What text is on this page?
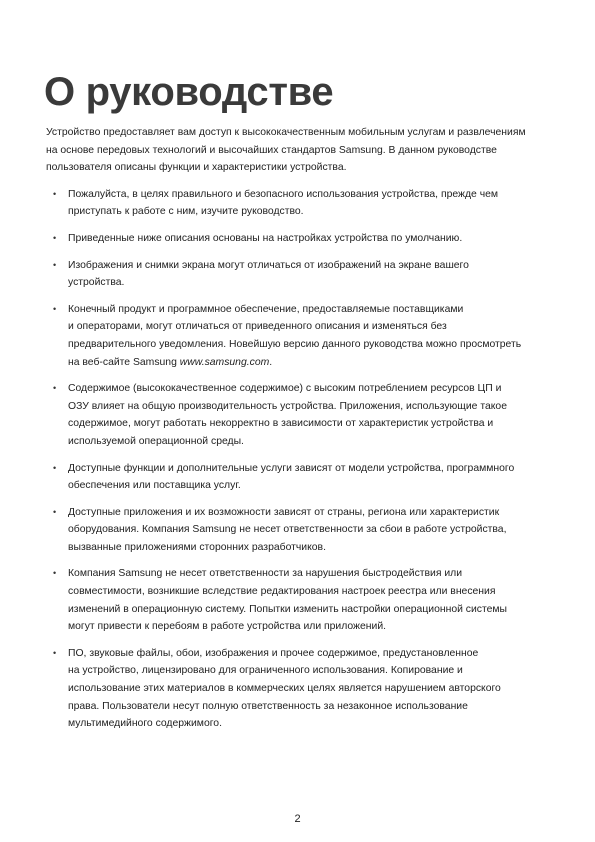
О руководстве

Устройство предоставляет вам доступ к высококачественным мобильным услугам и развлечениям
на основе передовых технологий и высочайших стандартов Samsung. В данном руководстве
пользователя описаны функции и характеристики устройства.

• Пожалуйста, в целях правильного и безопасного использования устройства, прежде чем
приступать к работе с ним, изучите руководство.
• Приведенные ниже описания основаны на настройках устройства по умолчанию.
• Изображения и снимки экрана могут отличаться от изображений на экране вашего
устройства.
• Конечный продукт и программное обеспечение, предоставляемые поставщиками
и операторами, могут отличаться от приведенного описания и изменяться без
предварительного уведомления. Новейшую версию данного руководства можно просмотреть
на веб-сайте Samsung www.samsung.com.
• Содержимое (высококачественное содержимое) с высоким потреблением ресурсов ЦП и
ОЗУ влияет на общую производительность устройства. Приложения, использующие такое
содержимое, могут работать некорректно в зависимости от характеристик устройства и
используемой операционной среды.
• Доступные функции и дополнительные услуги зависят от модели устройства, программного
обеспечения или поставщика услуг.
• Доступные приложения и их возможности зависят от страны, региона или характеристик
оборудования. Компания Samsung не несет ответственности за сбои в работе устройства,
вызванные приложениями сторонних разработчиков.
• Компания Samsung не несет ответственности за нарушения быстродействия или
совместимости, возникшие вследствие редактирования настроек реестра или внесения
изменений в операционную систему. Попытки изменить настройки операционной системы
могут привести к перебоям в работе устройства или приложений.
• ПО, звуковые файлы, обои, изображения и прочее содержимое, предустановленное
на устройство, лицензировано для ограниченного использования. Копирование и
использование этих материалов в коммерческих целях является нарушением авторского
права. Пользователи несут полную ответственность за незаконное использование
мультимедийного содержимого.
2
